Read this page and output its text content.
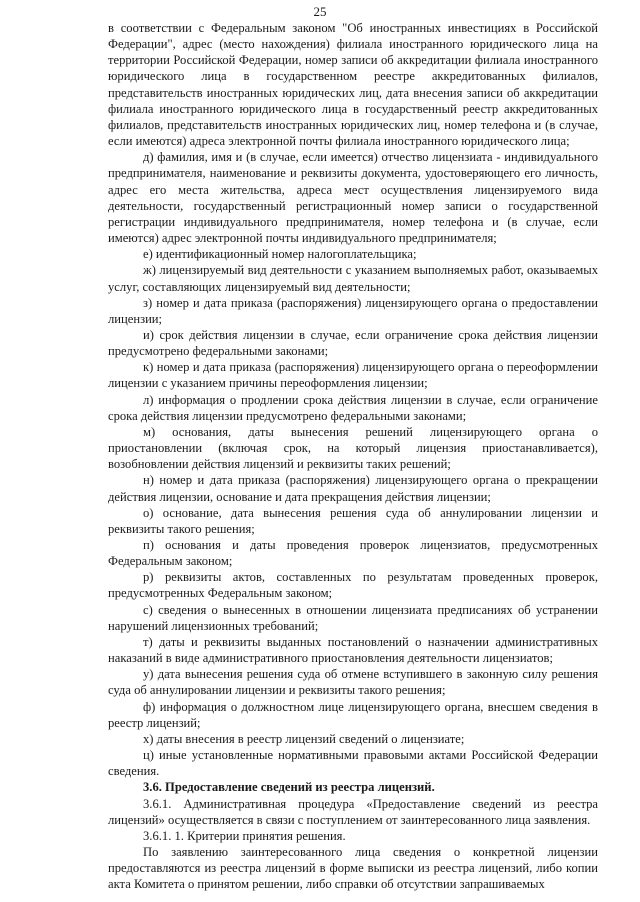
25

в соответствии с Федеральным законом "Об иностранных инвестициях в Российской Федерации", адрес (место нахождения) филиала иностранного юридического лица на территории Российской Федерации, номер записи об аккредитации филиала иностранного юридического лица в государственном реестре аккредитованных филиалов, представительств иностранных юридических лиц, дата внесения записи об аккредитации филиала иностранного юридического лица в государственный реестр аккредитованных филиалов, представительств иностранных юридических лиц, номер телефона и (в случае, если имеются) адреса электронной почты филиала иностранного юридического лица;

д) фамилия, имя и (в случае, если имеется) отчество лицензиата - индивидуального предпринимателя, наименование и реквизиты документа, удостоверяющего его личность, адрес его места жительства, адреса мест осуществления лицензируемого вида деятельности, государственный регистрационный номер записи о государственной регистрации индивидуального предпринимателя, номер телефона и (в случае, если имеются) адрес электронной почты индивидуального предпринимателя;

е) идентификационный номер налогоплательщика;

ж) лицензируемый вид деятельности с указанием выполняемых работ, оказываемых услуг, составляющих лицензируемый вид деятельности;

з) номер и дата приказа (распоряжения) лицензирующего органа о предоставлении лицензии;

и) срок действия лицензии в случае, если ограничение срока действия лицензии предусмотрено федеральными законами;

к) номер и дата приказа (распоряжения) лицензирующего органа о переоформлении лицензии с указанием причины переоформления лицензии;

л) информация о продлении срока действия лицензии в случае, если ограничение срока действия лицензии предусмотрено федеральными законами;

м) основания, даты вынесения решений лицензирующего органа о приостановлении (включая срок, на который лицензия приостанавливается), возобновлении действия лицензий и реквизиты таких решений;

н) номер и дата приказа (распоряжения) лицензирующего органа о прекращении действия лицензии, основание и дата прекращения действия лицензии;

о) основание, дата вынесения решения суда об аннулировании лицензии и реквизиты такого решения;

п) основания и даты проведения проверок лицензиатов, предусмотренных Федеральным законом;

р) реквизиты актов, составленных по результатам проведенных проверок, предусмотренных Федеральным законом;

с) сведения о вынесенных в отношении лицензиата предписаниях об устранении нарушений лицензионных требований;

т) даты и реквизиты выданных постановлений о назначении административных наказаний в виде административного приостановления деятельности лицензиатов;

у) дата вынесения решения суда об отмене вступившего в законную силу решения суда об аннулировании лицензии и реквизиты такого решения;

ф) информация о должностном лице лицензирующего органа, внесшем сведения в реестр лицензий;

х) даты внесения в реестр лицензий сведений о лицензиате;

ц) иные установленные нормативными правовыми актами Российской Федерации сведения.

3.6. Предоставление сведений из реестра лицензий.

3.6.1. Административная процедура «Предоставление сведений из реестра лицензий» осуществляется в связи с поступлением от заинтересованного лица заявления.

3.6.1. 1. Критерии принятия решения.

По заявлению заинтересованного лица сведения о конкретной лицензии предоставляются из реестра лицензий в форме выписки из реестра лицензий, либо копии акта Комитета о принятом решении, либо справки об отсутствии запрашиваемых
